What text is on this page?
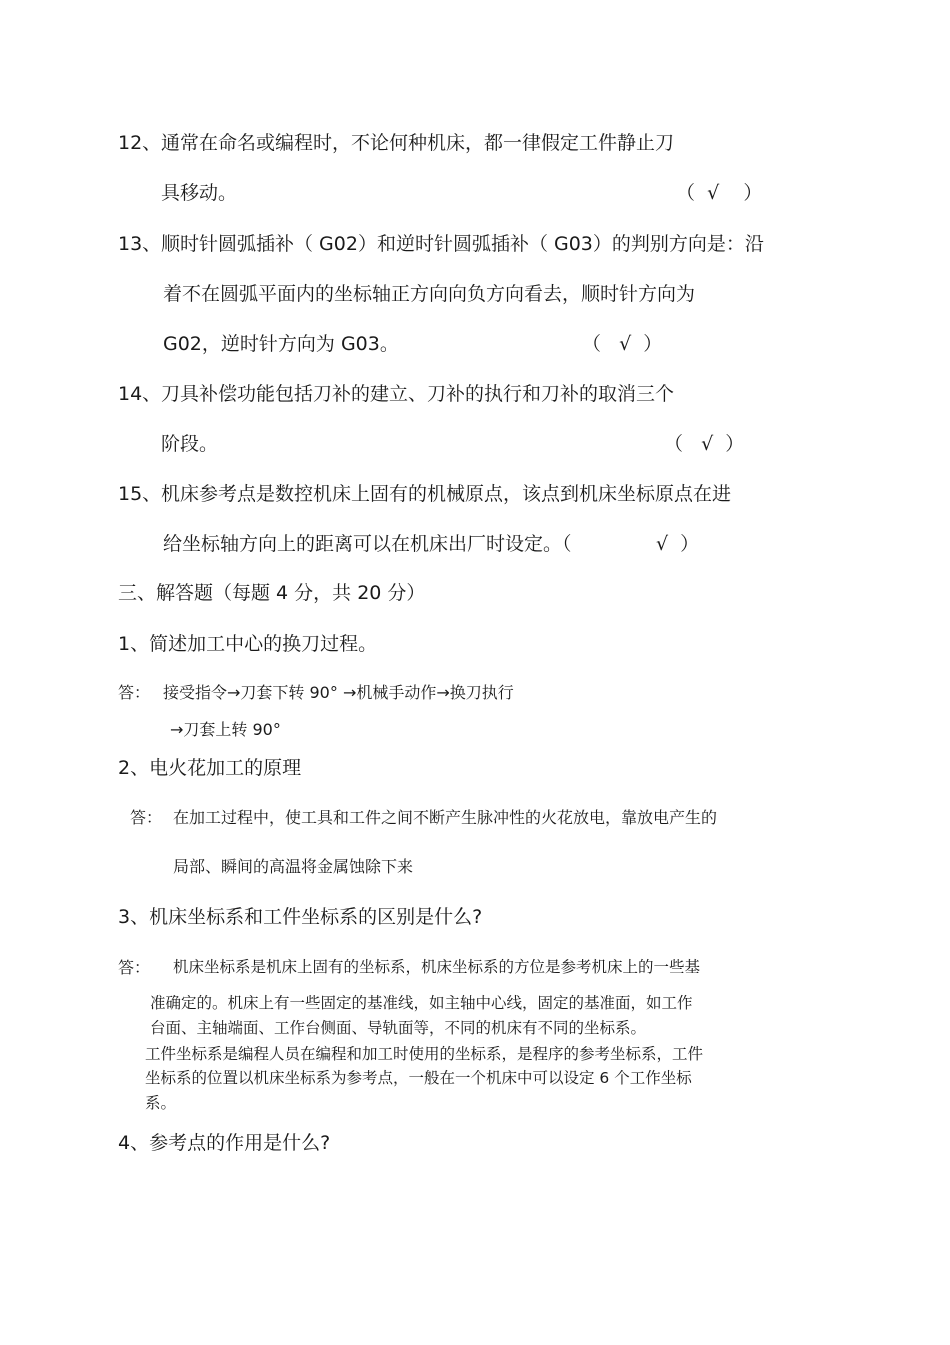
12、 通常在命名或编程时，不论何种机床，都一律假定工件静止刀
具移动。	（  √    ）
13、 顺时针圆弧插补（ G02）和逆时针圆弧插补（ G03）的判别方向是：沿
着不在圆弧平面内的坐标轴正方向向负方向看去，顺时针方向为
G02，逆时针方向为 G03。	（   √  ）
14、 刀具补偿功能包括刀补的建立、刀补的执行和刀补的取消三个
阶段。	（   √  ）
15、 机床参考点是数控机床上固有的机械原点，该点到机床坐标原点在进
给坐标轴方向上的距离可以在机床出厂时设定。（	√  ）
三、解答题（每题 4 分，共 20 分）
1、简述加工中心的换刀过程。
答： 接受指令→刀套下转 90° →机械手动作→换刀执行
→刀套上转 90°
2、电火花加工的原理
答： 在加工过程中，使工具和工件之间不断产生脉冲性的火花放电，靠放电产生的
局部、瞬间的高温将金属蚀除下来
3、机床坐标系和工件坐标系的区别是什么?
答： 机床坐标系是机床上固有的坐标系，机床坐标系的方位是参考机床上的一些基
准确定的。机床上有一些固定的基准线，如主轴中心线，固定的基准面，如工作
台面、主轴端面、工作台侧面、导轨面等，不同的机床有不同的坐标系。
工件坐标系是编程人员在编程和加工时使用的坐标系，是程序的参考坐标系，工件
坐标系的位置以机床坐标系为参考点，一般在一个机床中可以设定 6 个工作坐标
系。
4、参考点的作用是什么?
